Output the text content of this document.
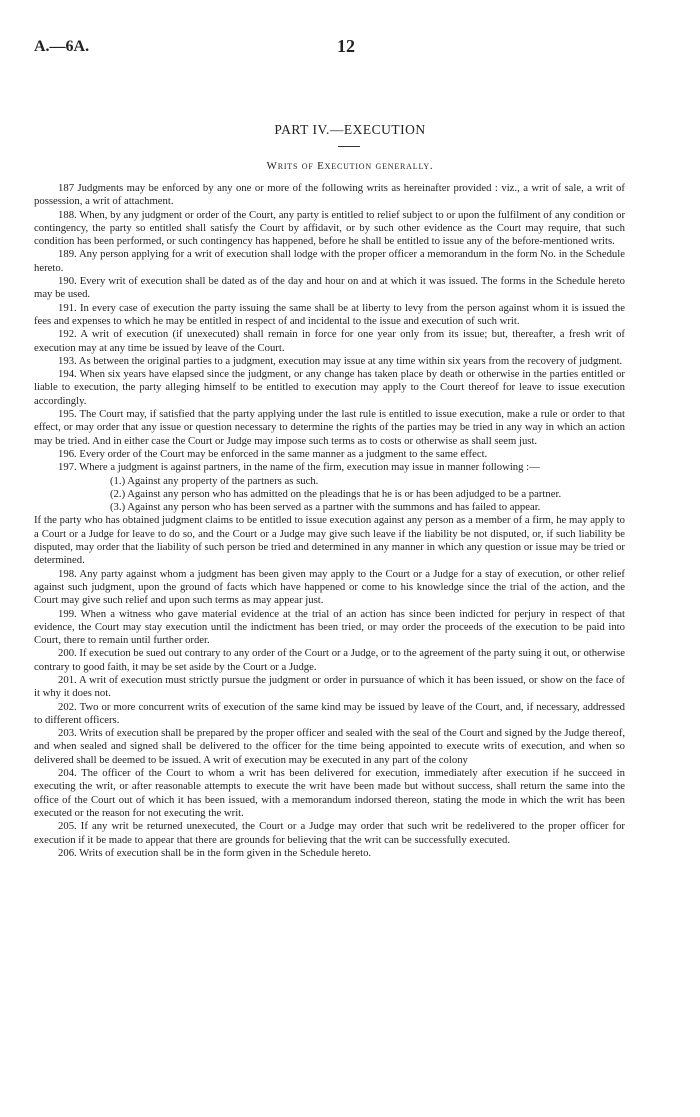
A.—6A.	12
PART IV.—EXECUTION
Writs of Execution generally.

187 Judgments may be enforced by any one or more of the following writs as hereinafter provided : viz., a writ of sale, a writ of possession, a writ of attachment.

188. When, by any judgment or order of the Court, any party is entitled to relief subject to or upon the fulfilment of any condition or contingency, the party so entitled shall satisfy the Court by affidavit, or by such other evidence as the Court may require, that such condition has been performed, or such contingency has happened, before he shall be entitled to issue any of the before-mentioned writs.

189. Any person applying for a writ of execution shall lodge with the proper officer a memorandum in the form No. in the Schedule hereto.

190. Every writ of execution shall be dated as of the day and hour on and at which it was issued. The forms in the Schedule hereto may be used.

191. In every case of execution the party issuing the same shall be at liberty to levy from the person against whom it is issued the fees and expenses to which he may be entitled in respect of and incidental to the issue and execution of such writ.

192. A writ of execution (if unexecuted) shall remain in force for one year only from its issue; but, thereafter, a fresh writ of execution may at any time be issued by leave of the Court.

193. As between the original parties to a judgment, execution may issue at any time within six years from the recovery of judgment.

194. When six years have elapsed since the judgment, or any change has taken place by death or otherwise in the parties entitled or liable to execution, the party alleging himself to be entitled to execution may apply to the Court thereof for leave to issue execution accordingly.

195. The Court may, if satisfied that the party applying under the last rule is entitled to issue execution, make a rule or order to that effect, or may order that any issue or question necessary to determine the rights of the parties may be tried in any way in which an action may be tried. And in either case the Court or Judge may impose such terms as to costs or otherwise as shall seem just.

196. Every order of the Court may be enforced in the same manner as a judgment to the same effect.

197. Where a judgment is against partners, in the name of the firm, execution may issue in manner following :—

(1.) Against any property of the partners as such.

(2.) Against any person who has admitted on the pleadings that he is or has been adjudged to be a partner.

(3.) Against any person who has been served as a partner with the summons and has failed to appear.

If the party who has obtained judgment claims to be entitled to issue execution against any person as a member of a firm, he may apply to a Court or a Judge for leave to do so, and the Court or a Judge may give such leave if the liability be not disputed, or, if such liability be disputed, may order that the liability of such person be tried and determined in any manner in which any question or issue may be tried or determined.

198. Any party against whom a judgment has been given may apply to the Court or a Judge for a stay of execution, or other relief against such judgment, upon the ground of facts which have happened or come to his knowledge since the trial of the action, and the Court may give such relief and upon such terms as may appear just.

199. When a witness who gave material evidence at the trial of an action has since been indicted for perjury in respect of that evidence, the Court may stay execution until the indictment has been tried, or may order the proceeds of the execution to be paid into Court, there to remain until further order.

200. If execution be sued out contrary to any order of the Court or a Judge, or to the agreement of the party suing it out, or otherwise contrary to good faith, it may be set aside by the Court or a Judge.

201. A writ of execution must strictly pursue the judgment or order in pursuance of which it has been issued, or show on the face of it why it does not.

202. Two or more concurrent writs of execution of the same kind may be issued by leave of the Court, and, if necessary, addressed to different officers.

203. Writs of execution shall be prepared by the proper officer and sealed with the seal of the Court and signed by the Judge thereof, and when sealed and signed shall be delivered to the officer for the time being appointed to execute writs of execution, and when so delivered shall be deemed to be issued. A writ of execution may be executed in any part of the colony

204. The officer of the Court to whom a writ has been delivered for execution, immediately after execution if he succeed in executing the writ, or after reasonable attempts to execute the writ have been made but without success, shall return the same into the office of the Court out of which it has been issued, with a memorandum indorsed thereon, stating the mode in which the writ has been executed or the reason for not executing the writ.

205. If any writ be returned unexecuted, the Court or a Judge may order that such writ be redelivered to the proper officer for execution if it be made to appear that there are grounds for believing that the writ can be successfully executed.

206. Writs of execution shall be in the form given in the Schedule hereto.
